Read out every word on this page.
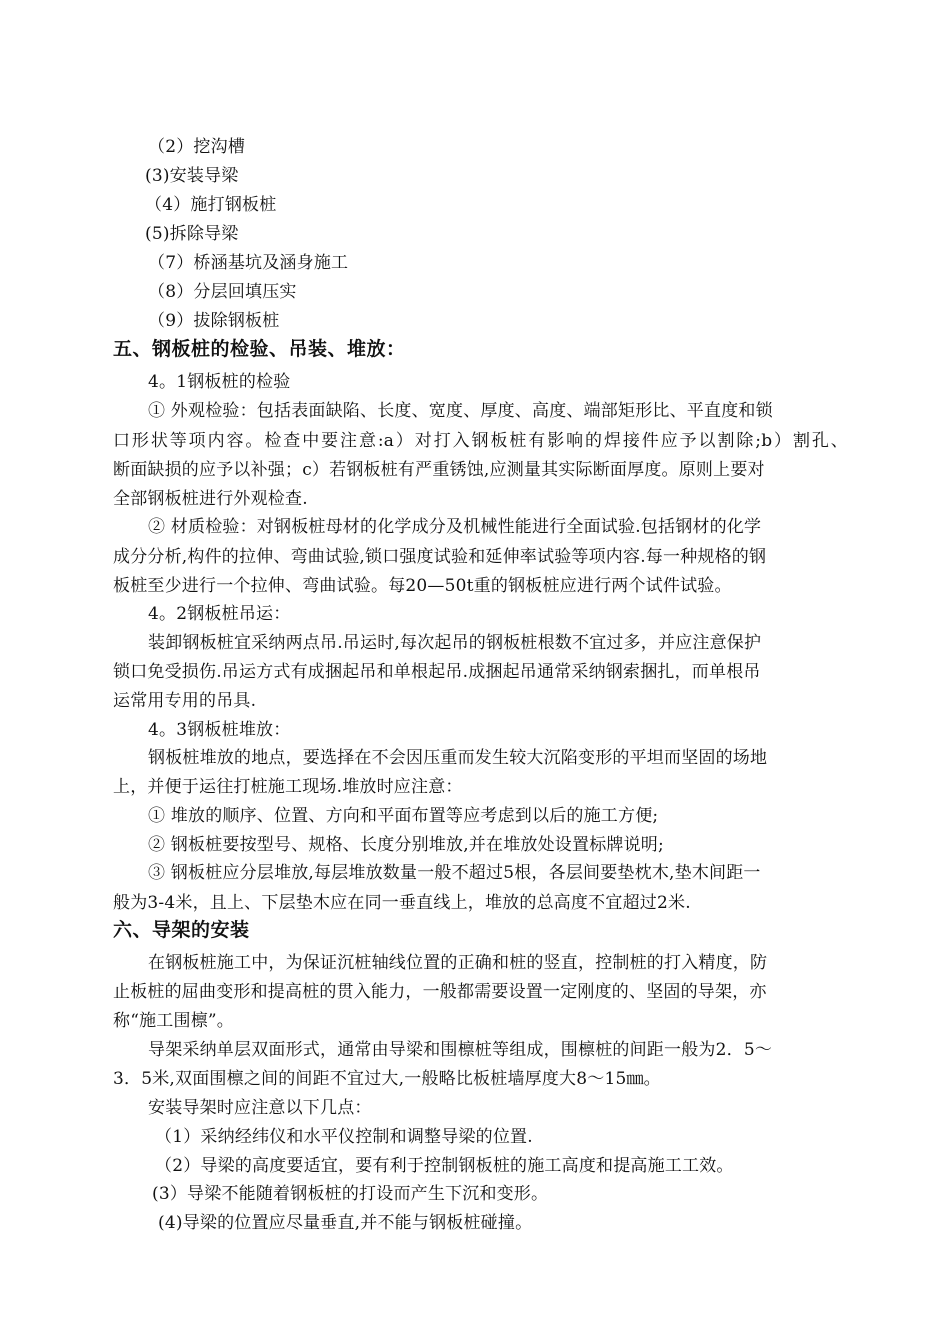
（2）挖沟槽
(3)安装导梁
（4）施打钢板桩
(5)拆除导梁
（7）桥涵基坑及涵身施工
（8）分层回填压实
（9）拔除钢板桩
五、钢板桩的检验、吊装、堆放：
4。1钢板桩的检验
① 外观检验：包括表面缺陷、长度、宽度、厚度、高度、端部矩形比、平直度和锁
口形状等项内容。检查中要注意:a）对打入钢板桩有影响的焊接件应予以割除;b）割孔、
断面缺损的应予以补强；c）若钢板桩有严重锈蚀,应测量其实际断面厚度。原则上要对
全部钢板桩进行外观检查.
② 材质检验：对钢板桩母材的化学成分及机械性能进行全面试验.包括钢材的化学
成分分析,构件的拉伸、弯曲试验,锁口强度试验和延伸率试验等项内容.每一种规格的钢
板桩至少进行一个拉伸、弯曲试验。每20—50t重的钢板桩应进行两个试件试验。
4。2钢板桩吊运：
装卸钢板桩宜采纳两点吊.吊运时,每次起吊的钢板桩根数不宜过多，并应注意保护
锁口免受损伤.吊运方式有成捆起吊和单根起吊.成捆起吊通常采纳钢索捆扎，而单根吊
运常用专用的吊具.
4。3钢板桩堆放：
钢板桩堆放的地点，要选择在不会因压重而发生较大沉陷变形的平坦而坚固的场地
上，并便于运往打桩施工现场.堆放时应注意：
① 堆放的顺序、位置、方向和平面布置等应考虑到以后的施工方便;
② 钢板桩要按型号、规格、长度分别堆放,并在堆放处设置标牌说明;
③ 钢板桩应分层堆放,每层堆放数量一般不超过5根，各层间要垫枕木,垫木间距一
般为3-4米，且上、下层垫木应在同一垂直线上，堆放的总高度不宜超过2米.
六、导架的安装
在钢板桩施工中，为保证沉桩轴线位置的正确和桩的竖直，控制桩的打入精度，防
止板桩的屈曲变形和提高桩的贯入能力，一般都需要设置一定刚度的、坚固的导架，亦
称“施工围檩”。
导架采纳单层双面形式，通常由导梁和围檩桩等组成，围檩桩的间距一般为2．5～
3．5米,双面围檩之间的间距不宜过大,一般略比板桩墙厚度大8～15㎜。
安装导架时应注意以下几点：
（1）采纳经纬仪和水平仪控制和调整导梁的位置.
（2）导梁的高度要适宜，要有利于控制钢板桩的施工高度和提高施工工效。
(3）导梁不能随着钢板桩的打设而产生下沉和变形。
(4)导梁的位置应尽量垂直,并不能与钢板桩碰撞。
